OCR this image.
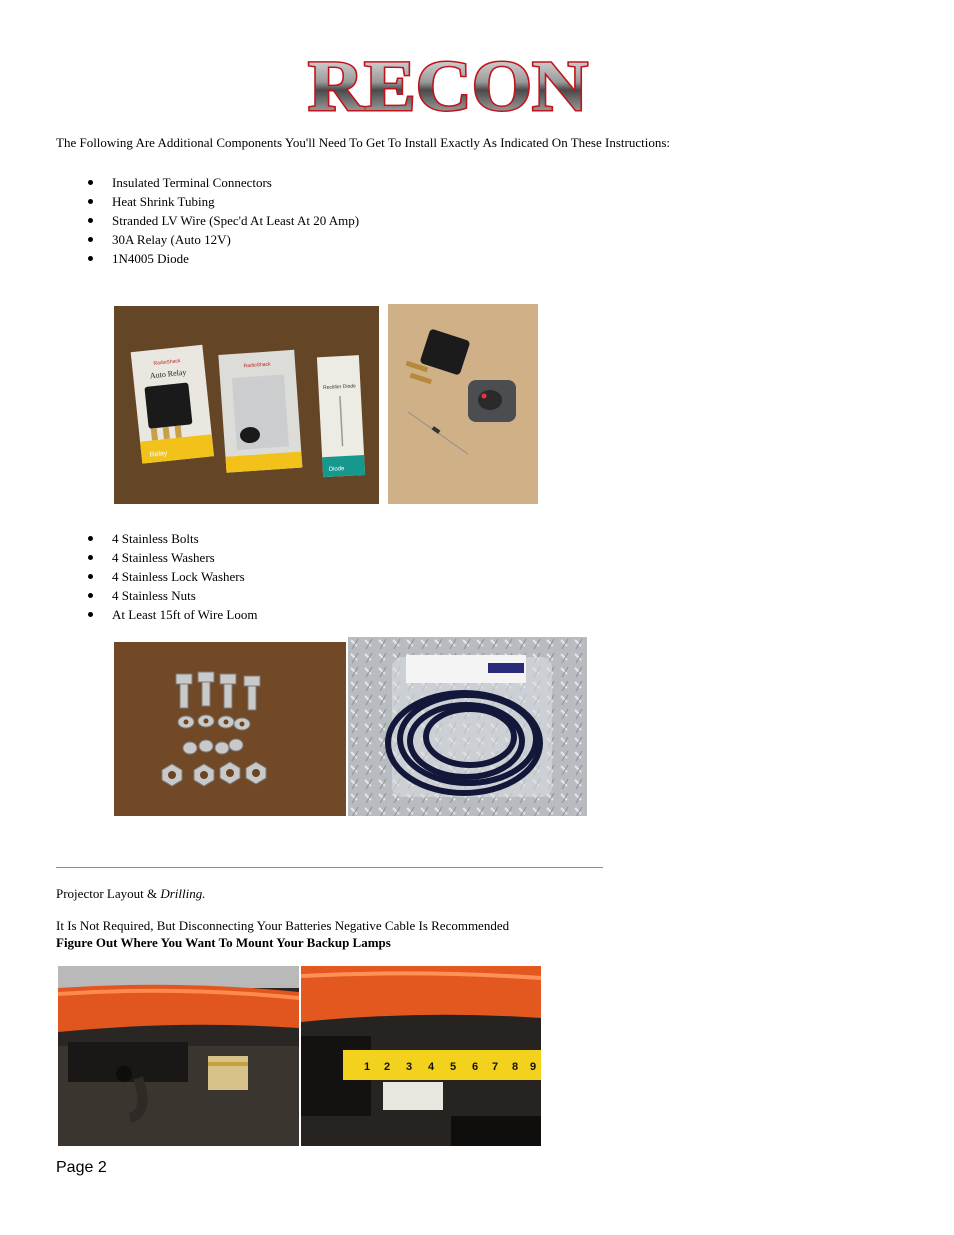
RECON
The Following Are Additional Components You'll Need To Get To Install Exactly As Indicated On These Instructions:
Insulated Terminal Connectors
Heat Shrink Tubing
Stranded LV Wire (Spec'd At Least At 20 Amp)
30A Relay (Auto 12V)
1N4005 Diode
RadioShack
Auto Relay
Relay
RadioShack
Rectifier Diode
Diode
4 Stainless Bolts
4 Stainless Washers
4 Stainless Lock Washers
4 Stainless Nuts
At Least 15ft of Wire Loom
Projector Layout & Drilling.
It Is Not Required, But Disconnecting Your Batteries Negative Cable Is Recommended
Figure Out Where You Want To Mount Your Backup Lamps
1 2 3 4 5 6 7 8 9
Page 2
